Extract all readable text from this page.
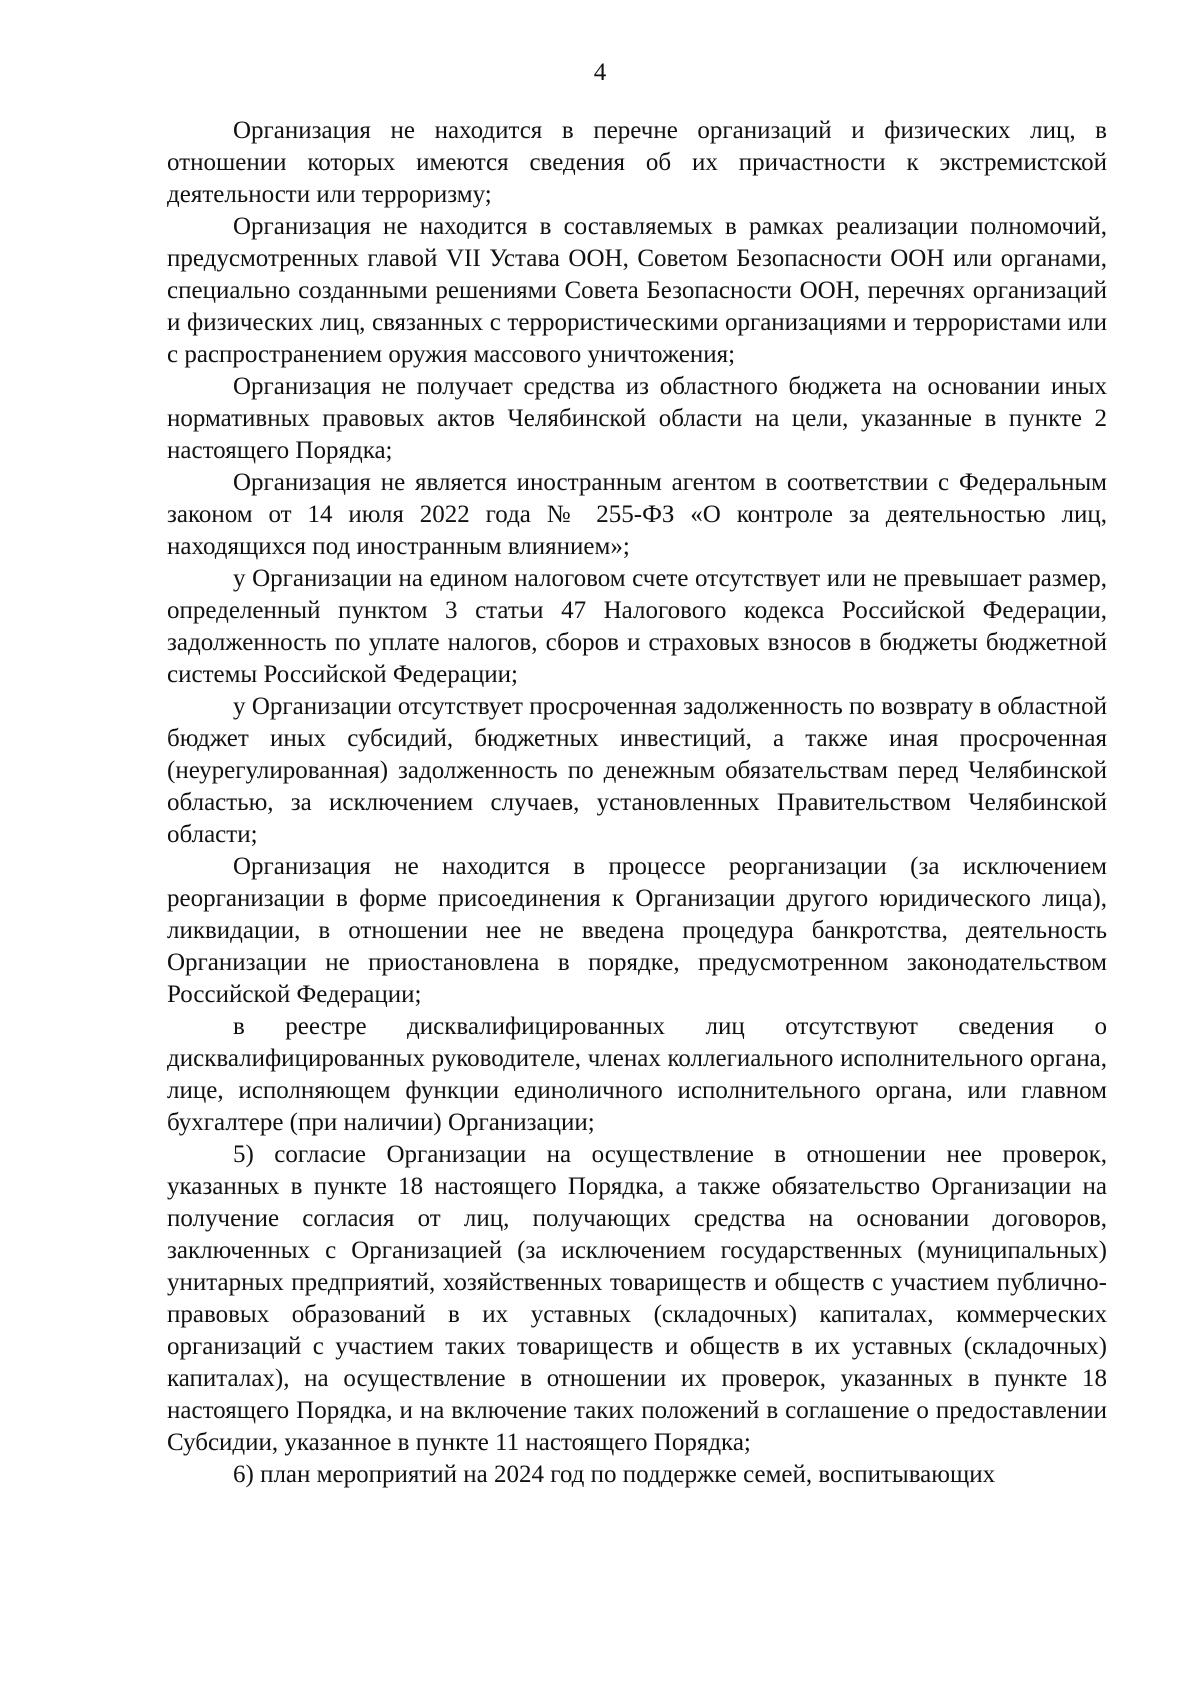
4

Организация не находится в перечне организаций и физических лиц, в отношении которых имеются сведения об их причастности к экстремистской деятельности или терроризму;

Организация не находится в составляемых в рамках реализации полномочий, предусмотренных главой VII Устава ООН, Советом Безопасности ООН или органами, специально созданными решениями Совета Безопасности ООН, перечнях организаций и физических лиц, связанных с террористическими организациями и террористами или с распространением оружия массового уничтожения;

Организация не получает средства из областного бюджета на основании иных нормативных правовых актов Челябинской области на цели, указанные в пункте 2 настоящего Порядка;

Организация не является иностранным агентом в соответствии с Федеральным законом от 14 июля 2022 года № 255-ФЗ «О контроле за деятельностью лиц, находящихся под иностранным влиянием»;

у Организации на едином налоговом счете отсутствует или не превышает размер, определенный пунктом 3 статьи 47 Налогового кодекса Российской Федерации, задолженность по уплате налогов, сборов и страховых взносов в бюджеты бюджетной системы Российской Федерации;

у Организации отсутствует просроченная задолженность по возврату в областной бюджет иных субсидий, бюджетных инвестиций, а также иная просроченная (неурегулированная) задолженность по денежным обязательствам перед Челябинской областью, за исключением случаев, установленных Правительством Челябинской области;

Организация не находится в процессе реорганизации (за исключением реорганизации в форме присоединения к Организации другого юридического лица), ликвидации, в отношении нее не введена процедура банкротства, деятельность Организации не приостановлена в порядке, предусмотренном законодательством Российской Федерации;

в реестре дисквалифицированных лиц отсутствуют сведения о дисквалифицированных руководителе, членах коллегиального исполнительного органа, лице, исполняющем функции единоличного исполнительного органа, или главном бухгалтере (при наличии) Организации;

5) согласие Организации на осуществление в отношении нее проверок, указанных в пункте 18 настоящего Порядка, а также обязательство Организации на получение согласия от лиц, получающих средства на основании договоров, заключенных с Организацией (за исключением государственных (муниципальных) унитарных предприятий, хозяйственных товариществ и обществ с участием публично-правовых образований в их уставных (складочных) капиталах, коммерческих организаций с участием таких товариществ и обществ в их уставных (складочных) капиталах), на осуществление в отношении их проверок, указанных в пункте 18 настоящего Порядка, и на включение таких положений в соглашение о предоставлении Субсидии, указанное в пункте 11 настоящего Порядка;

6) план мероприятий на 2024 год по поддержке семей, воспитывающих
